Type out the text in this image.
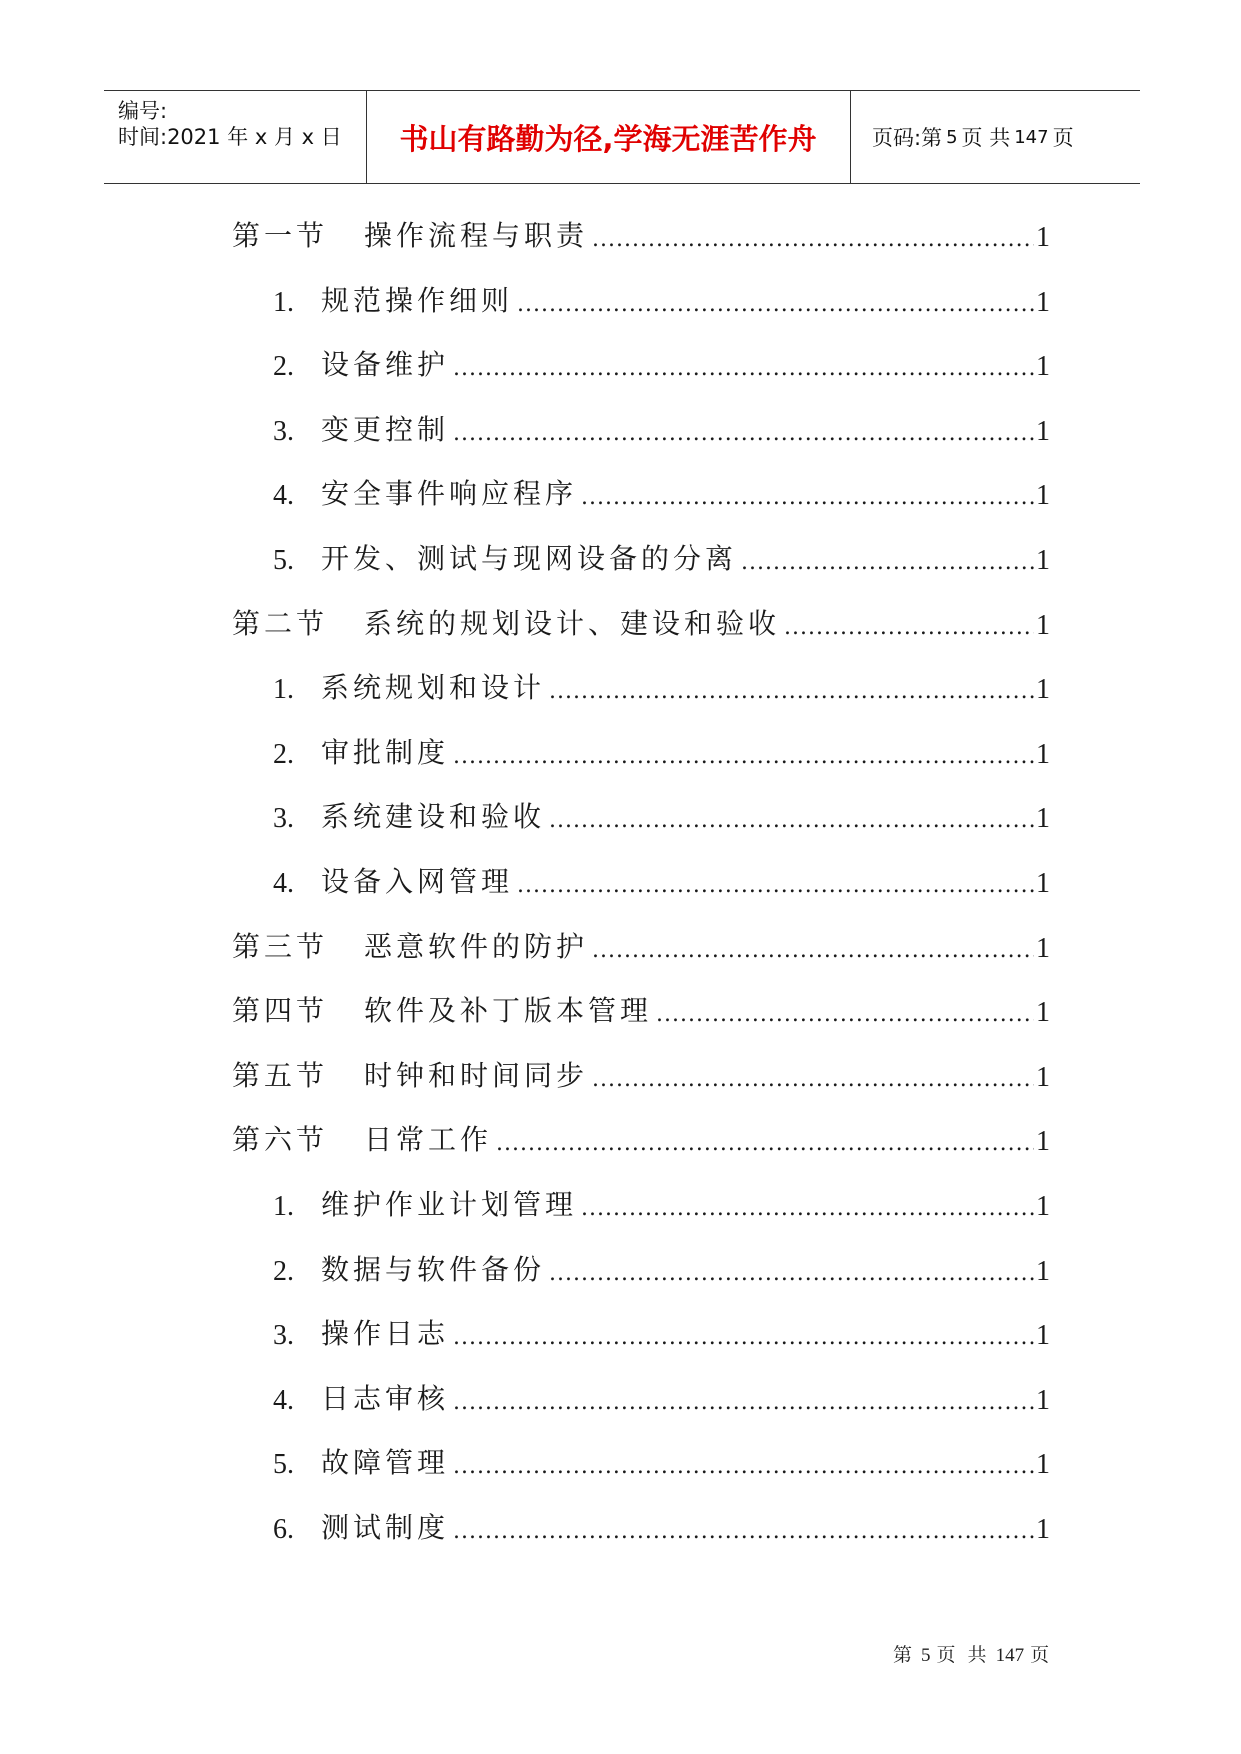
编号:
时间:2021 年 x 月 x 日	书山有路勤为径,学海无涯苦作舟	页码:第 5 页 共 147 页
第一节	操作流程与职责 .....	1
1. 规范操作细则 .....	1
2. 设备维护 .....	1
3. 变更控制 .....	1
4. 安全事件响应程序 .....	1
5. 开发、测试与现网设备的分离 .....	1
第二节	系统的规划设计、建设和验收 .....	1
1. 系统规划和设计 .....	1
2. 审批制度 .....	1
3. 系统建设和验收 .....	1
4. 设备入网管理 .....	1
第三节	恶意软件的防护 .....	1
第四节	软件及补丁版本管理 .....	1
第五节	时钟和时间同步 .....	1
第六节	日常工作 .....	1
1. 维护作业计划管理 .....	1
2. 数据与软件备份 .....	1
3. 操作日志 .....	1
4. 日志审核 .....	1
5. 故障管理 .....	1
6. 测试制度 .....	1
第 5 页 共 147 页
